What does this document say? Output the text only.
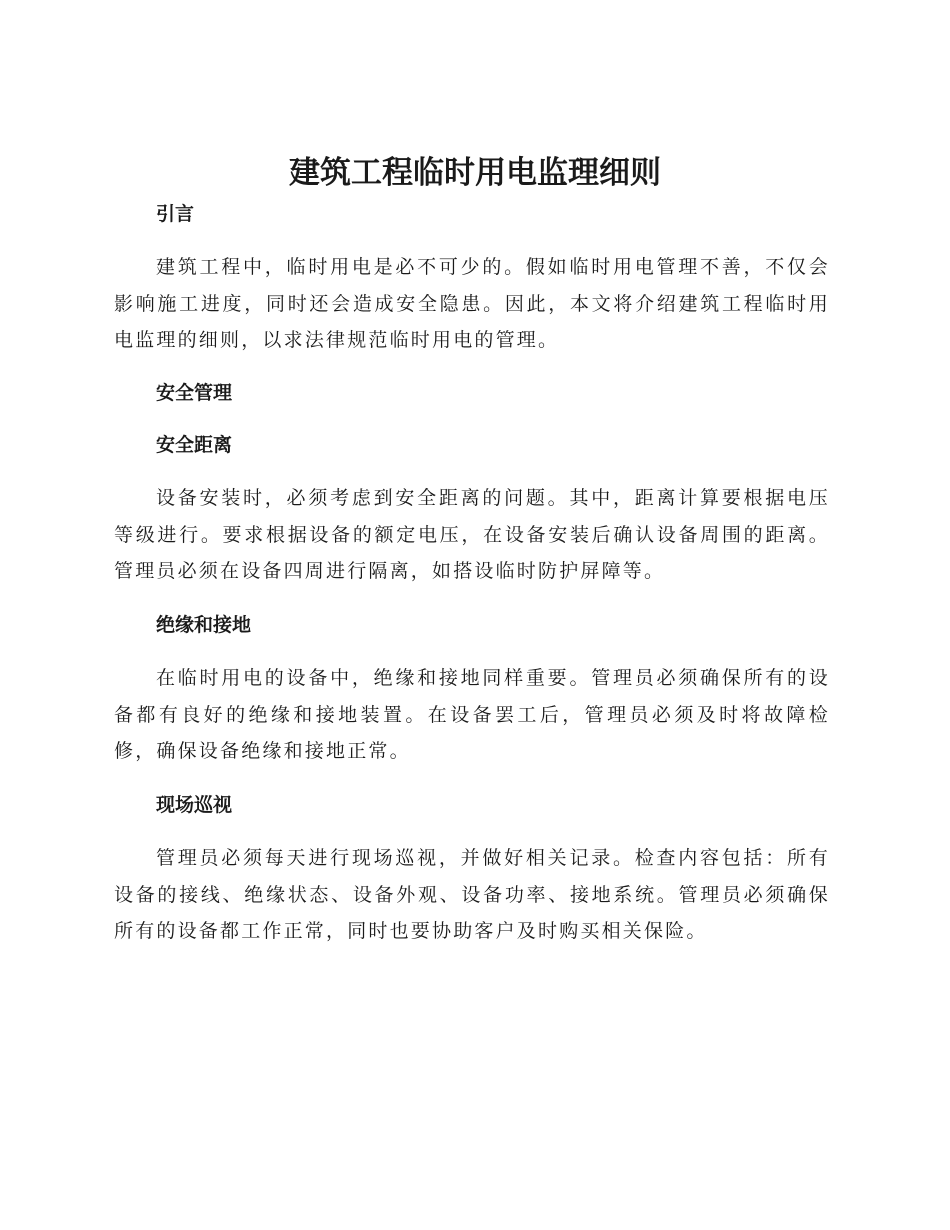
建筑工程临时用电监理细则
引言

建筑工程中，临时用电是必不可少的。假如临时用电管理不善，不仅会影响施工进度，同时还会造成安全隐患。因此，本文将介绍建筑工程临时用电监理的细则，以求法律规范临时用电的管理。

安全管理
安全距离

设备安装时，必须考虑到安全距离的问题。其中，距离计算要根据电压等级进行。要求根据设备的额定电压，在设备安装后确认设备周围的距离。管理员必须在设备四周进行隔离，如搭设临时防护屏障等。

绝缘和接地

在临时用电的设备中，绝缘和接地同样重要。管理员必须确保所有的设备都有良好的绝缘和接地装置。在设备罢工后，管理员必须及时将故障检修，确保设备绝缘和接地正常。

现场巡视

管理员必须每天进行现场巡视，并做好相关记录。检查内容包括：所有设备的接线、绝缘状态、设备外观、设备功率、接地系统。管理员必须确保所有的设备都工作正常，同时也要协助客户及时购买相关保险。
